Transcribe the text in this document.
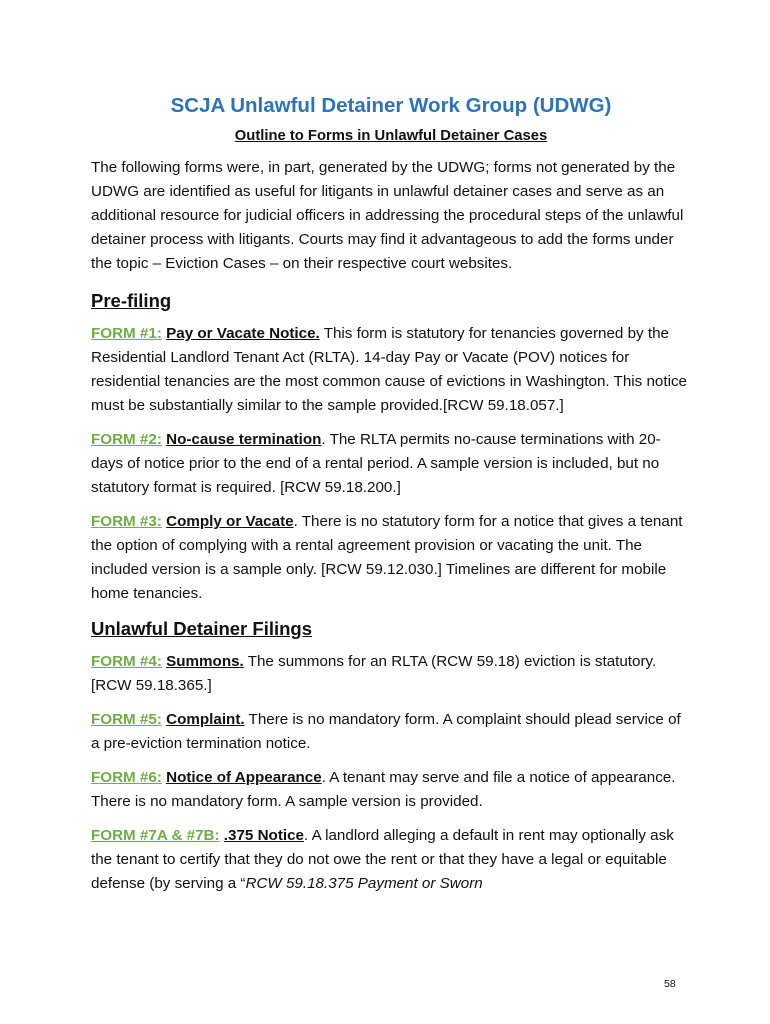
SCJA Unlawful Detainer Work Group (UDWG)
Outline to Forms in Unlawful Detainer Cases

The following forms were, in part, generated by the UDWG; forms not generated by the UDWG are identified as useful for litigants in unlawful detainer cases and serve as an additional resource for judicial officers in addressing the procedural steps of the unlawful detainer process with litigants. Courts may find it advantageous to add the forms under the topic – Eviction Cases – on their respective court websites.

Pre-filing

FORM #1: Pay or Vacate Notice. This form is statutory for tenancies governed by the Residential Landlord Tenant Act (RLTA). 14-day Pay or Vacate (POV) notices for residential tenancies are the most common cause of evictions in Washington. This notice must be substantially similar to the sample provided.[RCW 59.18.057.]

FORM #2: No-cause termination. The RLTA permits no-cause terminations with 20-days of notice prior to the end of a rental period. A sample version is included, but no statutory format is required. [RCW 59.18.200.]

FORM #3: Comply or Vacate. There is no statutory form for a notice that gives a tenant the option of complying with a rental agreement provision or vacating the unit. The included version is a sample only. [RCW 59.12.030.] Timelines are different for mobile home tenancies.

Unlawful Detainer Filings

FORM #4: Summons. The summons for an RLTA (RCW 59.18) eviction is statutory. [RCW 59.18.365.]

FORM #5: Complaint. There is no mandatory form. A complaint should plead service of a pre-eviction termination notice.

FORM #6: Notice of Appearance. A tenant may serve and file a notice of appearance. There is no mandatory form. A sample version is provided.

FORM #7A & #7B: .375 Notice. A landlord alleging a default in rent may optionally ask the tenant to certify that they do not owe the rent or that they have a legal or equitable defense (by serving a “RCW 59.18.375 Payment or Sworn

58
